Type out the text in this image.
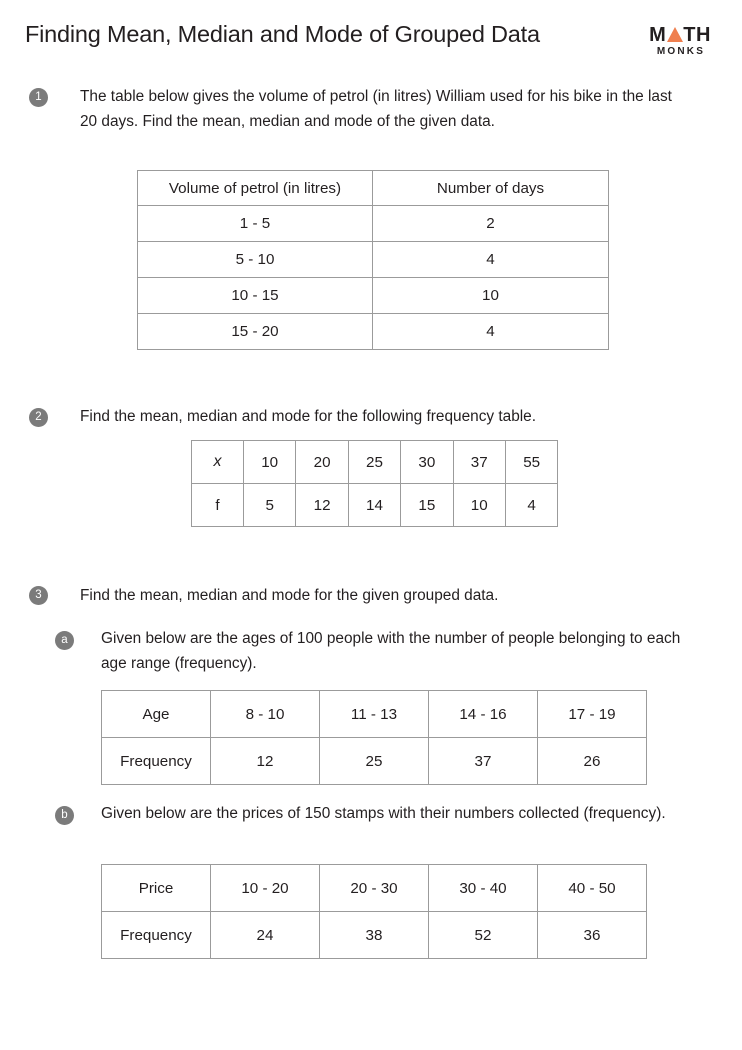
Finding Mean, Median and Mode of Grouped Data	M TH
MONKS
1	The table below gives the volume of petrol (in litres) William used for his bike in the last 20 days. Find the mean, median and mode of the given data.
Volume of petrol (in litres)	Number of days
1 - 5	2
5 - 10	4
10 - 15	10
15 - 20	4
2	Find the mean, median and mode for the following frequency table.
x	10	20	25	30	37	55
f	5	12	14	15	10	4
3	Find the mean, median and mode for the given grouped data.
a	Given below are the ages of 100 people with the number of people belonging to each age range (frequency).
b	Given below are the prices of 150 stamps with their numbers collected (frequency).
Age	8 - 10	11 - 13	14 - 16	17 - 19
Frequency	12	25	37	26
Price	10 - 20	20 - 30	30 - 40	40 - 50
Frequency	24	38	52	36
